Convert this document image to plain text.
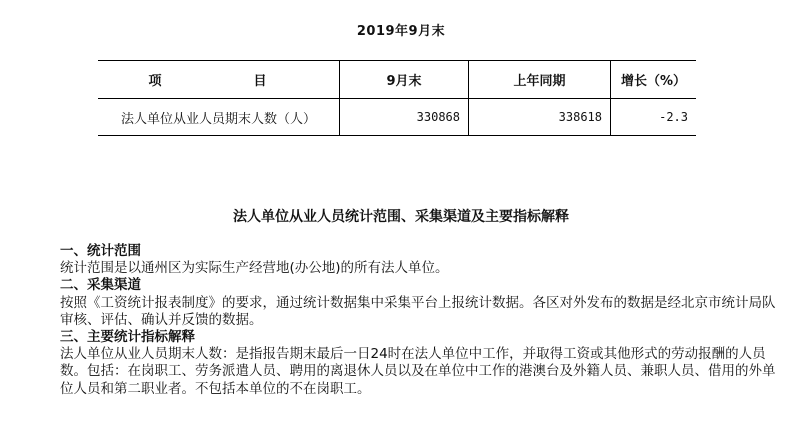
2019年9月末
项　　目	9月末	上年同期	增长（%）
法人单位从业人员期末人数（人）	330868	338618	-2.3
法人单位从业人员统计范围、采集渠道及主要指标解释
一、统计范围

统计范围是以通州区为实际生产经营地(办公地)的所有法人单位。

二、采集渠道

按照《工资统计报表制度》的要求，通过统计数据集中采集平台上报统计数据。各区对外发布的数据是经北京市统计局队审核、评估、确认并反馈的数据。

三、主要统计指标解释

法人单位从业人员期末人数：是指报告期末最后一日24时在法人单位中工作，并取得工资或其他形式的劳动报酬的人员数。包括：在岗职工、劳务派遣人员、聘用的离退休人员以及在单位中工作的港澳台及外籍人员、兼职人员、借用的外单位人员和第二职业者。不包括本单位的不在岗职工。
